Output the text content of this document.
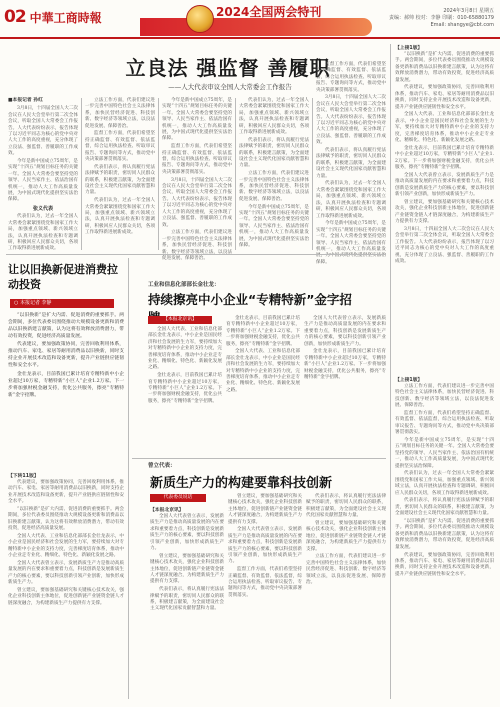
02 中華工商時報	2024全国两会特刊	2024年3月8日 星期五
责编：郝帅 校对：李静 印刷：010-65880179 Email: shangye@cbt.com
立良法 强监督 善履职
——人大代表审议全国人大常委会工作报告
■本报记者 孙红

3月8日，十四届全国人大二次会议在人民大会堂举行第二次全体会议，听取全国人大常委会工作报告。人大代表纷纷表示，报告体现了以习近平同志为核心的党中央对人大工作的高度重视，充分体现了立良法、强监督、善履职的工作成效。

今年是新中国成立75周年，是实现“十四五”规划目标任务的关键一年。全国人大常委会要坚持党的领导、人民当家作主、依法治国有机统一，推动人大工作高质量发展，为中国式现代化提供坚实法治保障。

张义代表

代表们认为，过去一年全国人大常委会紧紧围绕党和国家工作大局，加强重点领域、新兴领域立法，认真开展执法检查和专题调研，积极回应人民群众关切，各项工作取得新进展新成效。

立法工作方面，代表们建议进一步完善中国特色社会主义法律体系，加快民营经济促进、科技创新、数字经济等领域立法，以良法促进发展、保障善治。

监督工作方面，代表们希望坚持正确监督、有效监督、依法监督，综合运用执法检查、听取审议报告、专题询问等方式，推动党中央决策部署贯彻落实。

代表们表示，将认真履行宪法法律赋予的职责，密切同人民群众的联系，积极建言献策，为全面建设社会主义现代化国家贡献智慧和力量。

代表们认为，过去一年全国人大常委会紧紧围绕党和国家工作大局，加强重点领域、新兴领域立法，认真开展执法检查和专题调研，积极回应人民群众关切，各项工作取得新进展新成效。

今年是新中国成立75周年，是实现“十四五”规划目标任务的关键一年。全国人大常委会要坚持党的领导、人民当家作主、依法治国有机统一，推动人大工作高质量发展，为中国式现代化提供坚实法治保障。

监督工作方面，代表们希望坚持正确监督、有效监督、依法监督，综合运用执法检查、听取审议报告、专题询问等方式，推动党中央决策部署贯彻落实。

3月8日，十四届全国人大二次会议在人民大会堂举行第二次全体会议，听取全国人大常委会工作报告。人大代表纷纷表示，报告体现了以习近平同志为核心的党中央对人大工作的高度重视，充分体现了立良法、强监督、善履职的工作成效。

立法工作方面，代表们建议进一步完善中国特色社会主义法律体系，加快民营经济促进、科技创新、数字经济等领域立法，以良法促进发展、保障善治。

代表们认为，过去一年全国人大常委会紧紧围绕党和国家工作大局，加强重点领域、新兴领域立法，认真开展执法检查和专题调研，积极回应人民群众关切，各项工作取得新进展新成效。

代表们表示，将认真履行宪法法律赋予的职责，密切同人民群众的联系，积极建言献策，为全面建设社会主义现代化国家贡献智慧和力量。

立法工作方面，代表们建议进一步完善中国特色社会主义法律体系，加快民营经济促进、科技创新、数字经济等领域立法，以良法促进发展、保障善治。

今年是新中国成立75周年，是实现“十四五”规划目标任务的关键一年。全国人大常委会要坚持党的领导、人民当家作主、依法治国有机统一，推动人大工作高质量发展，为中国式现代化提供坚实法治保障。

监督工作方面，代表们希望坚持正确监督、有效监督、依法监督，综合运用执法检查、听取审议报告、专题询问等方式，推动党中央决策部署贯彻落实。

3月8日，十四届全国人大二次会议在人民大会堂举行第二次全体会议，听取全国人大常委会工作报告。人大代表纷纷表示，报告体现了以习近平同志为核心的党中央对人大工作的高度重视，充分体现了立良法、强监督、善履职的工作成效。

代表们表示，将认真履行宪法法律赋予的职责，密切同人民群众的联系，积极建言献策，为全面建设社会主义现代化国家贡献智慧和力量。

代表们认为，过去一年全国人大常委会紧紧围绕党和国家工作大局，加强重点领域、新兴领域立法，认真开展执法检查和专题调研，积极回应人民群众关切，各项工作取得新进展新成效。

今年是新中国成立75周年，是实现“十四五”规划目标任务的关键一年。全国人大常委会要坚持党的领导、人民当家作主、依法治国有机统一，推动人大工作高质量发展，为中国式现代化提供坚实法治保障。

【上接1版】

“以旧换新”是扩大内需、促进消费的重要抓手。两会期间，多位代表委员围绕推动大规模设备更新和消费品以旧换新建言献策，认为这将有效释放消费潜力，带动有效投资，促进经济高质量发展。

代表建议，要加强政策协同，完善回收利用体系，推动汽车、家电、家居等耐用消费品以旧换新，同时支持企业开展技术改造和设备更新，提升产业链供应链韧性和安全水平。

全国人大代表、工业和信息化部部长金壮龙表示，中小企业是国民经济和社会发展的生力军，要持续加大对专精特新中小企业的支持力度，完善梯度培育体系，推动中小企业走专业化、精细化、特色化、新颖化发展之路。

金壮龙表示，目前我国已累计培育专精特新中小企业超过10万家，专精特新“小巨人”企业1.2万家。下一步将加强财税金融支持，优化公共服务，擦亮“专精特新”金字招牌。

全国人大代表曾立表示，发展新质生产力是推动高质量发展的内在要求和重要着力点，科技创新是发展新质生产力的核心要素，要以科技创新引领产业创新，加快形成新质生产力。

曾立建议，要加强基础研究和关键核心技术攻关，强化企业科技创新主体地位，促进创新链产业链资金链人才链深度融合，为构建新质生产力提供有力支撑。

3月8日，十四届全国人大二次会议在人民大会堂举行第二次全体会议，听取全国人大常委会工作报告。人大代表纷纷表示，报告体现了以习近平同志为核心的党中央对人大工作的高度重视，充分体现了立良法、强监督、善履职的工作成效。

【上接1版】

立法工作方面，代表们建议进一步完善中国特色社会主义法律体系，加快民营经济促进、科技创新、数字经济等领域立法，以良法促进发展、保障善治。

监督工作方面，代表们希望坚持正确监督、有效监督、依法监督，综合运用执法检查、听取审议报告、专题询问等方式，推动党中央决策部署贯彻落实。

今年是新中国成立75周年，是实现“十四五”规划目标任务的关键一年。全国人大常委会要坚持党的领导、人民当家作主、依法治国有机统一，推动人大工作高质量发展，为中国式现代化提供坚实法治保障。

代表们认为，过去一年全国人大常委会紧紧围绕党和国家工作大局，加强重点领域、新兴领域立法，认真开展执法检查和专题调研，积极回应人民群众关切，各项工作取得新进展新成效。

代表们表示，将认真履行宪法法律赋予的职责，密切同人民群众的联系，积极建言献策，为全面建设社会主义现代化国家贡献智慧和力量。

“以旧换新”是扩大内需、促进消费的重要抓手。两会期间，多位代表委员围绕推动大规模设备更新和消费品以旧换新建言献策，认为这将有效释放消费潜力，带动有效投资，促进经济高质量发展。

代表建议，要加强政策协同，完善回收利用体系，推动汽车、家电、家居等耐用消费品以旧换新，同时支持企业开展技术改造和设备更新，提升产业链供应链韧性和安全水平。

让以旧换新促进消费拉动投资
○ 本报记者 李静

“以旧换新”是扩大内需、促进消费的重要抓手。两会期间，多位代表委员围绕推动大规模设备更新和消费品以旧换新建言献策，认为这将有效释放消费潜力，带动有效投资，促进经济高质量发展。

代表建议，要加强政策协同，完善回收利用体系，推动汽车、家电、家居等耐用消费品以旧换新，同时支持企业开展技术改造和设备更新，提升产业链供应链韧性和安全水平。

金壮龙表示，目前我国已累计培育专精特新中小企业超过10万家，专精特新“小巨人”企业1.2万家。下一步将加强财税金融支持，优化公共服务，擦亮“专精特新”金字招牌。

【下转11版】

代表建议，要加强政策协同，完善回收利用体系，推动汽车、家电、家居等耐用消费品以旧换新，同时支持企业开展技术改造和设备更新，提升产业链供应链韧性和安全水平。

“以旧换新”是扩大内需、促进消费的重要抓手。两会期间，多位代表委员围绕推动大规模设备更新和消费品以旧换新建言献策，认为这将有效释放消费潜力，带动有效投资，促进经济高质量发展。

全国人大代表、工业和信息化部部长金壮龙表示，中小企业是国民经济和社会发展的生力军，要持续加大对专精特新中小企业的支持力度，完善梯度培育体系，推动中小企业走专业化、精细化、特色化、新颖化发展之路。

全国人大代表曾立表示，发展新质生产力是推动高质量发展的内在要求和重要着力点，科技创新是发展新质生产力的核心要素，要以科技创新引领产业创新，加快形成新质生产力。

曾立建议，要加强基础研究和关键核心技术攻关，强化企业科技创新主体地位，促进创新链产业链资金链人才链深度融合，为构建新质生产力提供有力支撑。

工业和信息化部部长金壮龙：
持续擦亮中小企业“专精特新”金字招
【本报北京讯】

全国人大代表、工业和信息化部部长金壮龙表示，中小企业是国民经济和社会发展的生力军，要持续加大对专精特新中小企业的支持力度，完善梯度培育体系，推动中小企业走专业化、精细化、特色化、新颖化发展之路。

金壮龙表示，目前我国已累计培育专精特新中小企业超过10万家，专精特新“小巨人”企业1.2万家。下一步将加强财税金融支持，优化公共服务，擦亮“专精特新”金字招牌。

金壮龙表示，目前我国已累计培育专精特新中小企业超过10万家，专精特新“小巨人”企业1.2万家。下一步将加强财税金融支持，优化公共服务，擦亮“专精特新”金字招牌。

全国人大代表、工业和信息化部部长金壮龙表示，中小企业是国民经济和社会发展的生力军，要持续加大对专精特新中小企业的支持力度，完善梯度培育体系，推动中小企业走专业化、精细化、特色化、新颖化发展之路。

全国人大代表曾立表示，发展新质生产力是推动高质量发展的内在要求和重要着力点，科技创新是发展新质生产力的核心要素，要以科技创新引领产业创新，加快形成新质生产力。

金壮龙表示，目前我国已累计培育专精特新中小企业超过10万家，专精特新“小巨人”企业1.2万家。下一步将加强财税金融支持，优化公共服务，擦亮“专精特新”金字招牌。

曾立代表：
新质生产力的构建要靠科技创新
代表委员说话
【本报北京讯】

全国人大代表曾立表示，发展新质生产力是推动高质量发展的内在要求和重要着力点，科技创新是发展新质生产力的核心要素，要以科技创新引领产业创新，加快形成新质生产力。

曾立建议，要加强基础研究和关键核心技术攻关，强化企业科技创新主体地位，促进创新链产业链资金链人才链深度融合，为构建新质生产力提供有力支撑。

代表们表示，将认真履行宪法法律赋予的职责，密切同人民群众的联系，积极建言献策，为全面建设社会主义现代化国家贡献智慧和力量。

曾立建议，要加强基础研究和关键核心技术攻关，强化企业科技创新主体地位，促进创新链产业链资金链人才链深度融合，为构建新质生产力提供有力支撑。

全国人大代表曾立表示，发展新质生产力是推动高质量发展的内在要求和重要着力点，科技创新是发展新质生产力的核心要素，要以科技创新引领产业创新，加快形成新质生产力。

监督工作方面，代表们希望坚持正确监督、有效监督、依法监督，综合运用执法检查、听取审议报告、专题询问等方式，推动党中央决策部署贯彻落实。

代表们表示，将认真履行宪法法律赋予的职责，密切同人民群众的联系，积极建言献策，为全面建设社会主义现代化国家贡献智慧和力量。

曾立建议，要加强基础研究和关键核心技术攻关，强化企业科技创新主体地位，促进创新链产业链资金链人才链深度融合，为构建新质生产力提供有力支撑。

立法工作方面，代表们建议进一步完善中国特色社会主义法律体系，加快民营经济促进、科技创新、数字经济等领域立法，以良法促进发展、保障善治。
